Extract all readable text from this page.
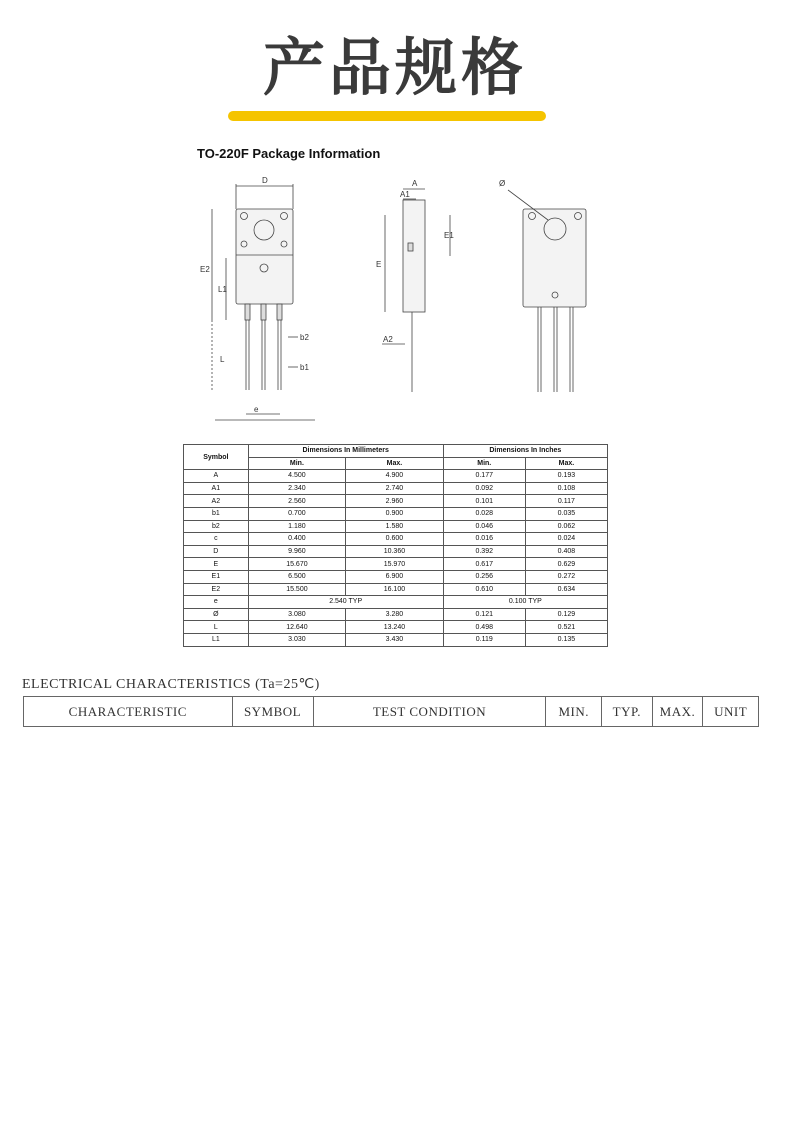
产品规格
TO-220F Package Information
D
E2
L1
L
b2
b1
e
A
A1
A2
E
E1
Ø
Symbol	Dimensions In Millimeters		Dimensions In Inches	
	Min.	Max.	Min.	Max.
A	4.500	4.900	0.177	0.193
A1	2.340	2.740	0.092	0.108
A2	2.560	2.960	0.101	0.117
b1	0.700	0.900	0.028	0.035
b2	1.180	1.580	0.046	0.062
c	0.400	0.600	0.016	0.024
D	9.960	10.360	0.392	0.408
E	15.670	15.970	0.617	0.629
E1	6.500	6.900	0.256	0.272
E2	15.500	16.100	0.610	0.634
e	2.540 TYP		0.100 TYP	
Ø	3.080	3.280	0.121	0.129
L	12.640	13.240	0.498	0.521
L1	3.030	3.430	0.119	0.135
ELECTRICAL CHARACTERISTICS (Ta=25℃)
CHARACTERISTIC	SYMBOL	TEST CONDITION	MIN.	TYP.	MAX.	UNIT
